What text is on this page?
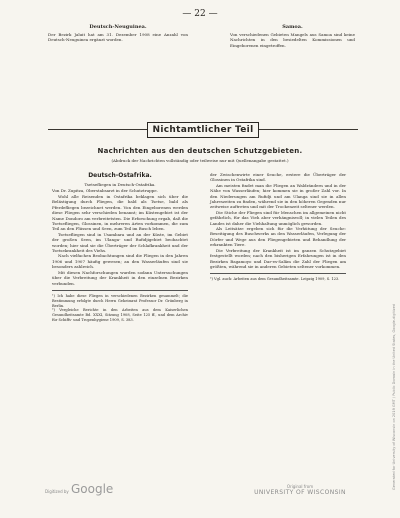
— 22 —
Deutsch-Neuguinea.
Der Bezirk Jaluit hat am 31. Dezember 1908 eine Anzahl von Deutsch-Neuguinea ergänzt worden.
Samoa.
Von verschiedenen Gebieten Mangels aus Samoa sind keine Nachrichten in den besiedelten Kommissionen und Eingeborenen eingetroffen.
Nichtamtlicher Teil
Nachrichten aus den deutschen Schutzgebieten.
(Abdruck der Nachrichten vollständig oder teilweise nur mit Quellenangabe gestattet.)
Deutsch-Ostafrika.
Tsetsefliegen in Deutsch-Ostafrika.
Von Dr. Zupitza, Oberstabsarzt in der Schutztruppe.

Wohl alle Reisenden in Ostafrika beklagen sich über die Belästigung durch Fliegen, die bald als Tsetse, bald als Pferdefliegen bezeichnet werden. Von den Eingeborenen werden diese Fliegen sehr verschieden benannt; im Küstengebiet ist der Name Dondoro am verbreitetsten. Die Erforschung ergab, daß die Tsetsefliegen, Glossinen, in mehreren Arten vorkommen, die zum Teil an den Flüssen und Seen, zum Teil im Busch leben.

Tsetsefliegen sind in Usambara und an der Küste, im Gebiet der großen Seen, im Ulanga- und Rufidjigebiet beobachtet worden; hier sind sie die Überträger der Schlafkrankheit und der Tsetsekrankheit des Viehs.

Nach vielfachen Beobachtungen sind die Fliegen in den Jahren 1906 und 1907 häufig gewesen; an den Wasserläufen sind sie besonders zahlreich.

Mit diesen Nachforschungen wurden sodann Untersuchungen über die Verbreitung der Krankheit in den einzelnen Bezirken verbunden.

¹) Ich habe diese Fliegen in verschiedenen Bezirken gesammelt; die Bestimmung erfolgte durch Herrn Geheimrat Professor Dr. Grünberg in Berlin.

²) Vergleiche Berichte in den Arbeiten aus dem Kaiserlichen Gesundheitsamte Bd. XXXI, Sitzung 1908, Seite 125 ff., und dem Archiv für Schiffs- und Tropenhygiene 1909, S. 383.

der Zwischenwirte einer Seuche, erstere die Überträger der Glossinen in Ostafrika sind.

Am meisten findet man die Fliegen an Waldrändern und in der Nähe von Wasserläufen; hier kommen sie in großer Zahl vor. In den Niederungen am Rufidji und am Ulanga sind sie in allen Jahreszeiten zu finden, während sie in den höheren Gegenden nur zeitweise auftreten und mit der Trockenzeit seltener werden.

Die Stiche der Fliegen sind für Menschen im allgemeinen nicht gefährlich, für das Vieh aber verhängnisvoll; in vielen Teilen des Landes ist daher die Viehhaltung unmöglich geworden.

Als Leitsätze ergeben sich für die Verhütung der Seuche: Beseitigung des Buschwerks an den Wasserläufen, Verlegung der Dörfer und Wege aus den Fliegengebieten und Behandlung der erkrankten Tiere.

Die Verbreitung der Krankheit ist im ganzen Schutzgebiet festgestellt worden; nach den bisherigen Erfahrungen ist in den Bezirken Bagamoyo und Dar-es-Salâm die Zahl der Fliegen am größten, während sie in anderen Gebieten seltener vorkommen.

²) Vgl. auch: Arbeiten aus dem Gesundheitsamte. Leipzig 1909, S. 123.

Generated for University of Wisconsin on 2019 GMT / Public Domain in the United States, Google-digitized
Digitized by Google	Original from
UNIVERSITY OF WISCONSIN
